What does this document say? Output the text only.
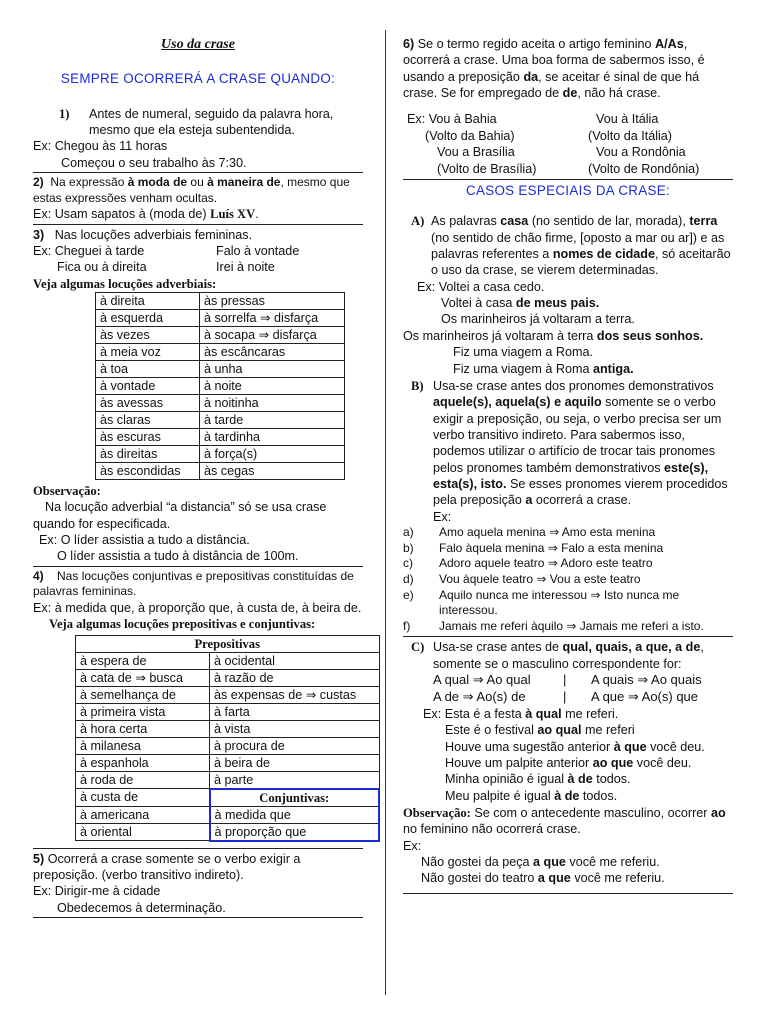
Uso da crase

SEMPRE OCORRERÁ A CRASE QUANDO:

1)	Antes de numeral, seguido da palavra hora,

mesmo que ela esteja subentendida.

Ex: Chegou às 11 horas

Começou o seu trabalho às 7:30.

2) Na expressão à moda de ou à maneira de, mesmo que estas expressões venham ocultas.

Ex: Usam sapatos à (moda de) Luís XV.

3) Nas locuções adverbiais femininas.

Ex: Cheguei à tarde	Falo à vontade
Fica ou à direita	Irei à noite

Veja algumas locuções adverbiais:

à direita	às pressas
à esquerda	à sorrelfa ⇒ disfarça
às vezes	à socapa ⇒ disfarça
à meia voz	às escâncaras
à toa	à unha
à vontade	à noite
às avessas	à noitinha
às claras	à tarde
às escuras	à tardinha
às direitas	à força(s)
às escondidas	às cegas

Observação:

Na locução adverbial “a distancia” só se usa crase quando for especificada.

Ex: O líder assistia a tudo a distância.

O líder assistia a tudo à distância de 100m.

4) Nas locuções conjuntivas e prepositivas constituídas de palavras femininas.

Ex: à medida que, à proporção que, à custa de, à beira de.

Veja algumas locuções prepositivas e conjuntivas:

Prepositivas	
à espera de	à ocidental
à cata de ⇒ busca	à razão de
à semelhança de	às expensas de ⇒ custas
à primeira vista	à farta
à hora certa	à vista
à milanesa	à procura de
à espanhola	à beira de
à roda de	à parte
à custa de	Conjuntivas:
à americana	à medida que
à oriental	à proporção que

5) Ocorrerá a crase somente se o verbo exigir a preposição. (verbo transitivo indireto).

Ex: Dirigir-me à cidade

Obedecemos à determinação.

6) Se o termo regido aceita o artigo feminino A/As, ocorrerá a crase. Uma boa forma de sabermos isso, é usando a preposição da, se aceitar é sinal de que há crase. Se for empregado de de, não há crase.

Ex: Vou à Bahia	Vou à Itália
(Volto da Bahia)	(Volto da Itália)
Vou a Brasília	Vou a Rondônia
(Volto de Brasília)	(Volto de Rondônia)

CASOS ESPECIAIS DA CRASE:

A) As palavras casa (no sentido de lar, morada), terra (no sentido de chão firme, [oposto a mar ou ar]) e as palavras referentes a nomes de cidade, só aceitarão o uso da crase, se vierem determinadas.

Ex: Voltei a casa cedo.

Voltei à casa de meus pais.

Os marinheiros já voltaram a terra.

Os marinheiros já voltaram à terra dos seus sonhos.

Fiz uma viagem a Roma.

Fiz uma viagem à Roma antiga.

B) Usa-se crase antes dos pronomes demonstrativos aquele(s), aquela(s) e aquilo somente se o verbo exigir a preposição, ou seja, o verbo precisa ser um verbo transitivo indireto. Para sabermos isso, podemos utilizar o artifício de trocar tais pronomes pelos pronomes também demonstrativos este(s), esta(s), isto. Se esses pronomes vierem procedidos pela preposição a ocorrerá a crase.

Ex:

a)	Amo aquela menina ⇒ Amo esta menina
b)	Falo àquela menina ⇒ Falo a esta menina
c)	Adoro aquele teatro ⇒ Adoro este teatro
d)	Vou àquele teatro ⇒ Vou a este teatro
e)	Aquilo nunca me interessou ⇒ Isto nunca me interessou.
f)	Jamais me referi àquilo ⇒ Jamais me referi a isto.
C) Usa-se crase antes de qual, quais, a que, a de, somente se o masculino correspondente for:

A qual ⇒ Ao qual	|	A quais ⇒ Ao quais
A de ⇒ Ao(s) de	|	A que ⇒ Ao(s) que

Ex: Esta é a festa à qual me referi.

Este é o festival ao qual me referi

Houve uma sugestão anterior à que você deu.

Houve um palpite anterior ao que você deu.

Minha opinião é igual à de todos.

Meu palpite é igual à de todos.

Observação: Se com o antecedente masculino, ocorrer ao no feminino não ocorrerá crase.

Ex:

Não gostei da peça a que você me referiu.

Não gostei do teatro a que você me referiu.
